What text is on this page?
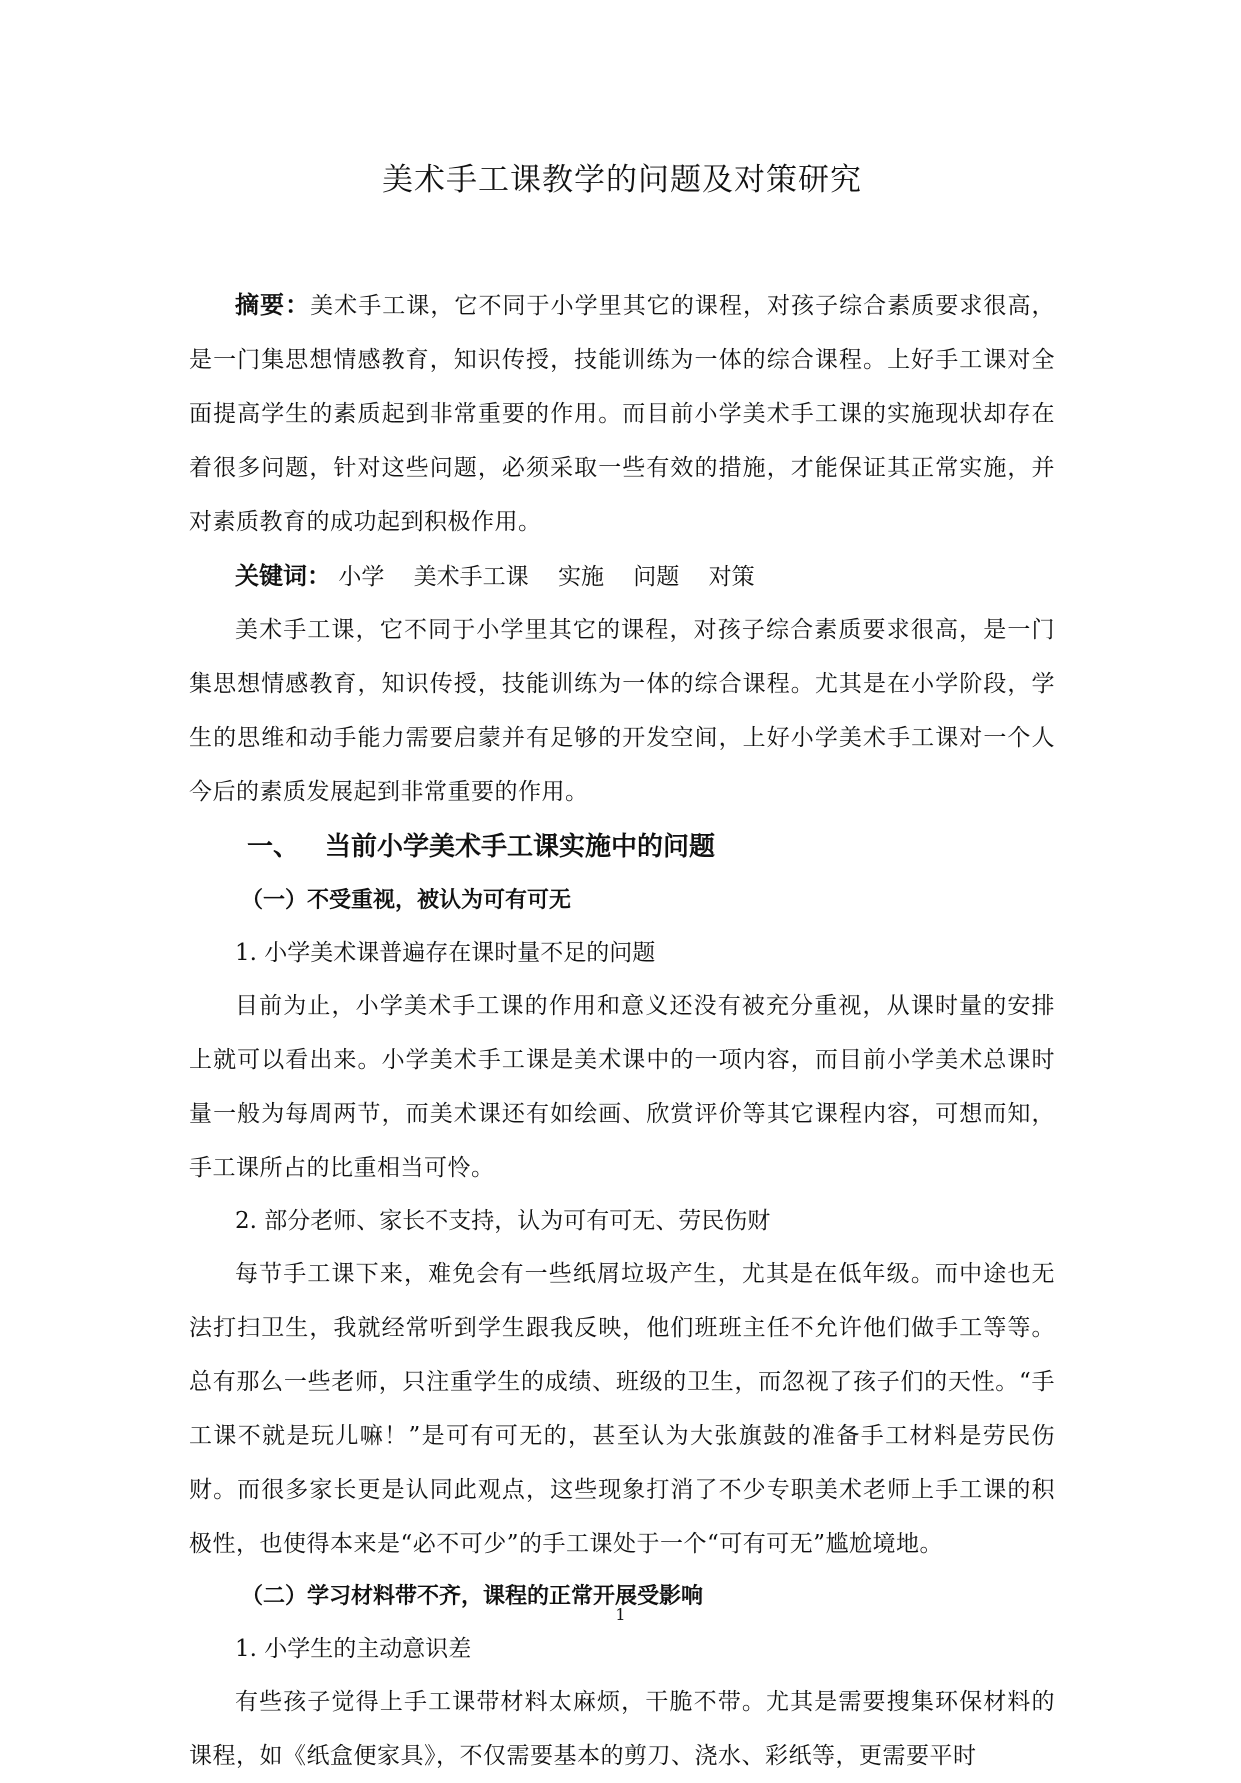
美术手工课教学的问题及对策研究

摘要：美术手工课，它不同于小学里其它的课程，对孩子综合素质要求很高，是一门集思想情感教育，知识传授，技能训练为一体的综合课程。上好手工课对全面提高学生的素质起到非常重要的作用。而目前小学美术手工课的实施现状却存在着很多问题，针对这些问题，必须采取一些有效的措施，才能保证其正常实施，并对素质教育的成功起到积极作用。

关键词： 小学 美术手工课 实施 问题 对策

美术手工课，它不同于小学里其它的课程，对孩子综合素质要求很高，是一门集思想情感教育，知识传授，技能训练为一体的综合课程。尤其是在小学阶段，学生的思维和动手能力需要启蒙并有足够的开发空间，上好小学美术手工课对一个人今后的素质发展起到非常重要的作用。

一、 当前小学美术手工课实施中的问题
（一）不受重视，被认为可有可无
1. 小学美术课普遍存在课时量不足的问题

目前为止，小学美术手工课的作用和意义还没有被充分重视，从课时量的安排上就可以看出来。小学美术手工课是美术课中的一项内容，而目前小学美术总课时量一般为每周两节，而美术课还有如绘画、欣赏评价等其它课程内容，可想而知，手工课所占的比重相当可怜。

2. 部分老师、家长不支持，认为可有可无、劳民伤财

每节手工课下来，难免会有一些纸屑垃圾产生，尤其是在低年级。而中途也无法打扫卫生，我就经常听到学生跟我反映，他们班班主任不允许他们做手工等等。总有那么一些老师，只注重学生的成绩、班级的卫生，而忽视了孩子们的天性。“手工课不就是玩儿嘛！”是可有可无的，甚至认为大张旗鼓的准备手工材料是劳民伤财。而很多家长更是认同此观点，这些现象打消了不少专职美术老师上手工课的积极性，也使得本来是“必不可少”的手工课处于一个“可有可无”尴尬境地。

（二）学习材料带不齐，课程的正常开展受影响
1. 小学生的主动意识差

有些孩子觉得上手工课带材料太麻烦，干脆不带。尤其是需要搜集环保材料的课程，如《纸盒便家具》，不仅需要基本的剪刀、浇水、彩纸等，更需要平时

1
